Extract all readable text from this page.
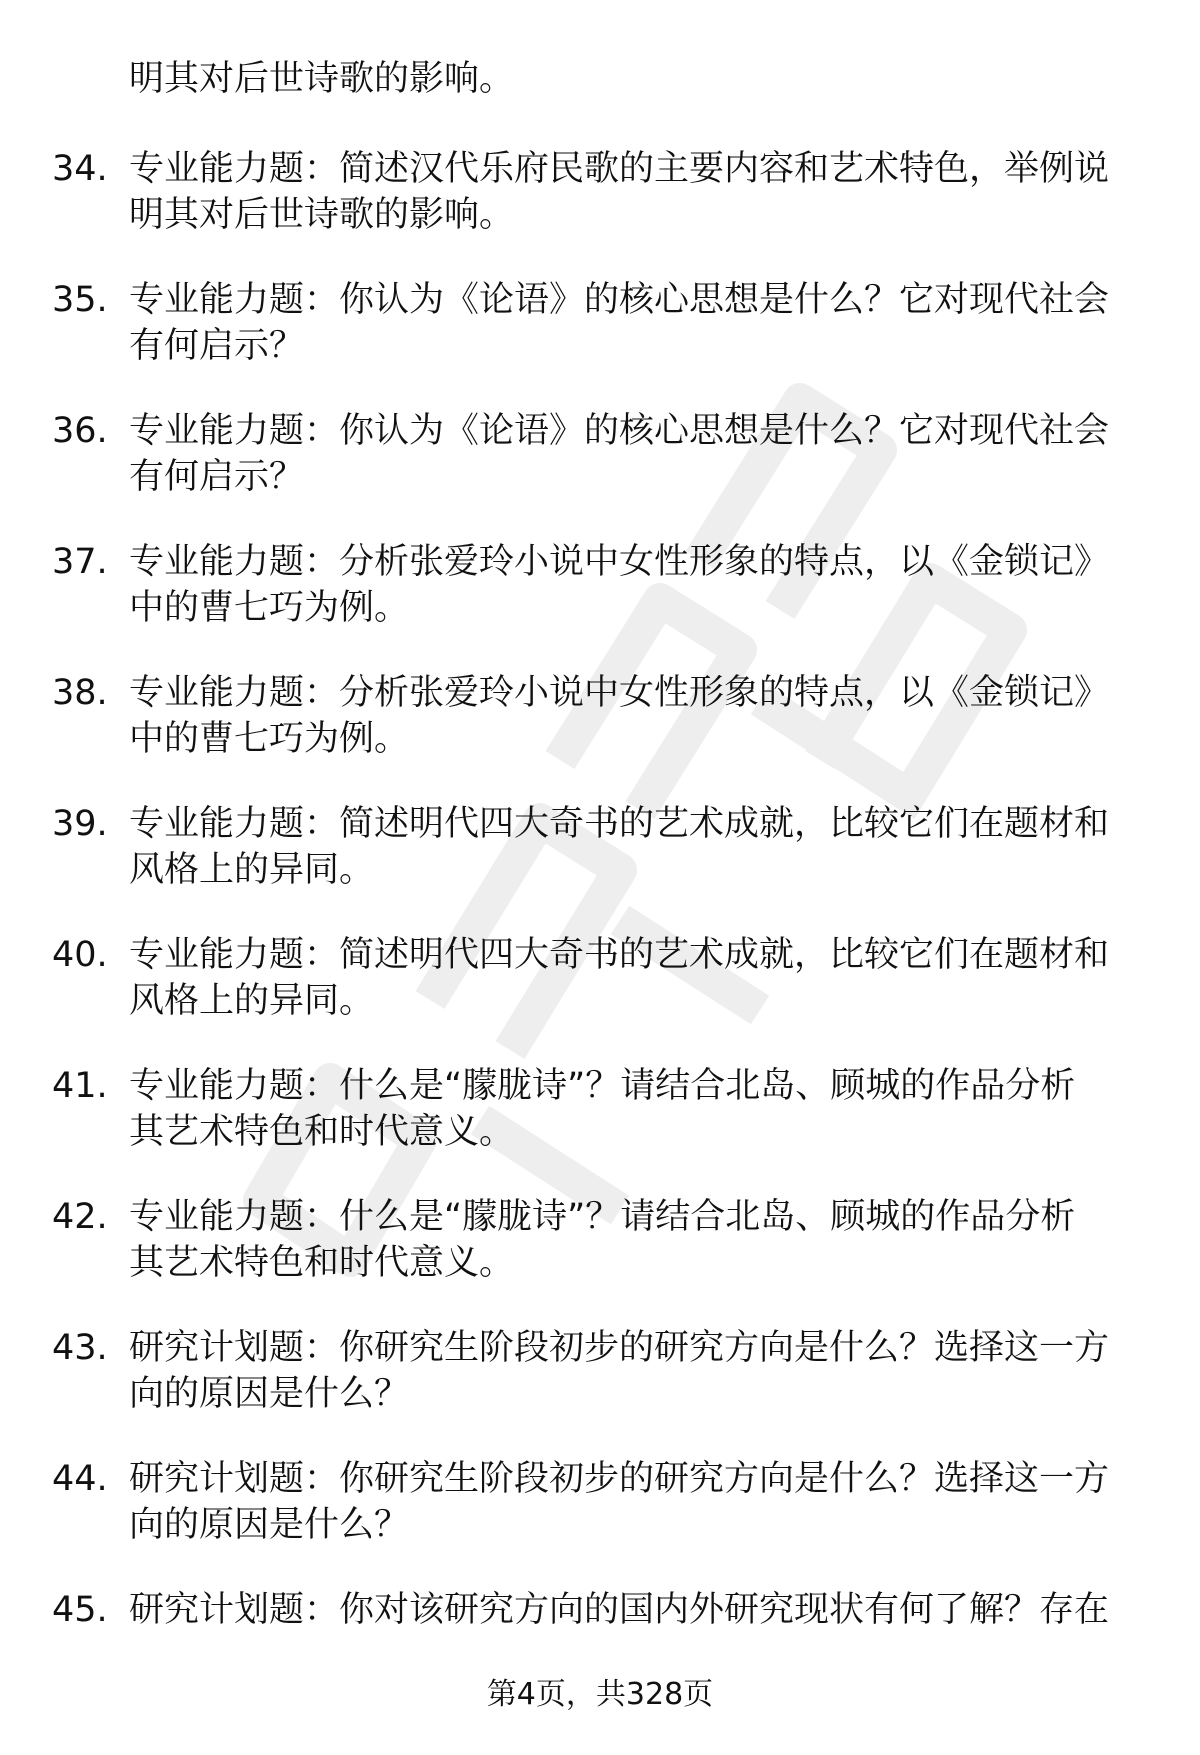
明其对后世诗歌的影响。
34. 专业能力题：简述汉代乐府民歌的主要内容和艺术特色，举例说
明其对后世诗歌的影响。
35. 专业能力题：你认为《论语》的核心思想是什么？它对现代社会
有何启示？
36. 专业能力题：你认为《论语》的核心思想是什么？它对现代社会
有何启示？
37. 专业能力题：分析张爱玲小说中女性形象的特点，以《金锁记》
中的曹七巧为例。
38. 专业能力题：分析张爱玲小说中女性形象的特点，以《金锁记》
中的曹七巧为例。
39. 专业能力题：简述明代四大奇书的艺术成就，比较它们在题材和
风格上的异同。
40. 专业能力题：简述明代四大奇书的艺术成就，比较它们在题材和
风格上的异同。
41. 专业能力题：什么是“朦胧诗”？请结合北岛、顾城的作品分析
其艺术特色和时代意义。
42. 专业能力题：什么是“朦胧诗”？请结合北岛、顾城的作品分析
其艺术特色和时代意义。
43. 研究计划题：你研究生阶段初步的研究方向是什么？选择这一方
向的原因是什么？
44. 研究计划题：你研究生阶段初步的研究方向是什么？选择这一方
向的原因是什么？
45. 研究计划题：你对该研究方向的国内外研究现状有何了解？存在
第4页，共328页
